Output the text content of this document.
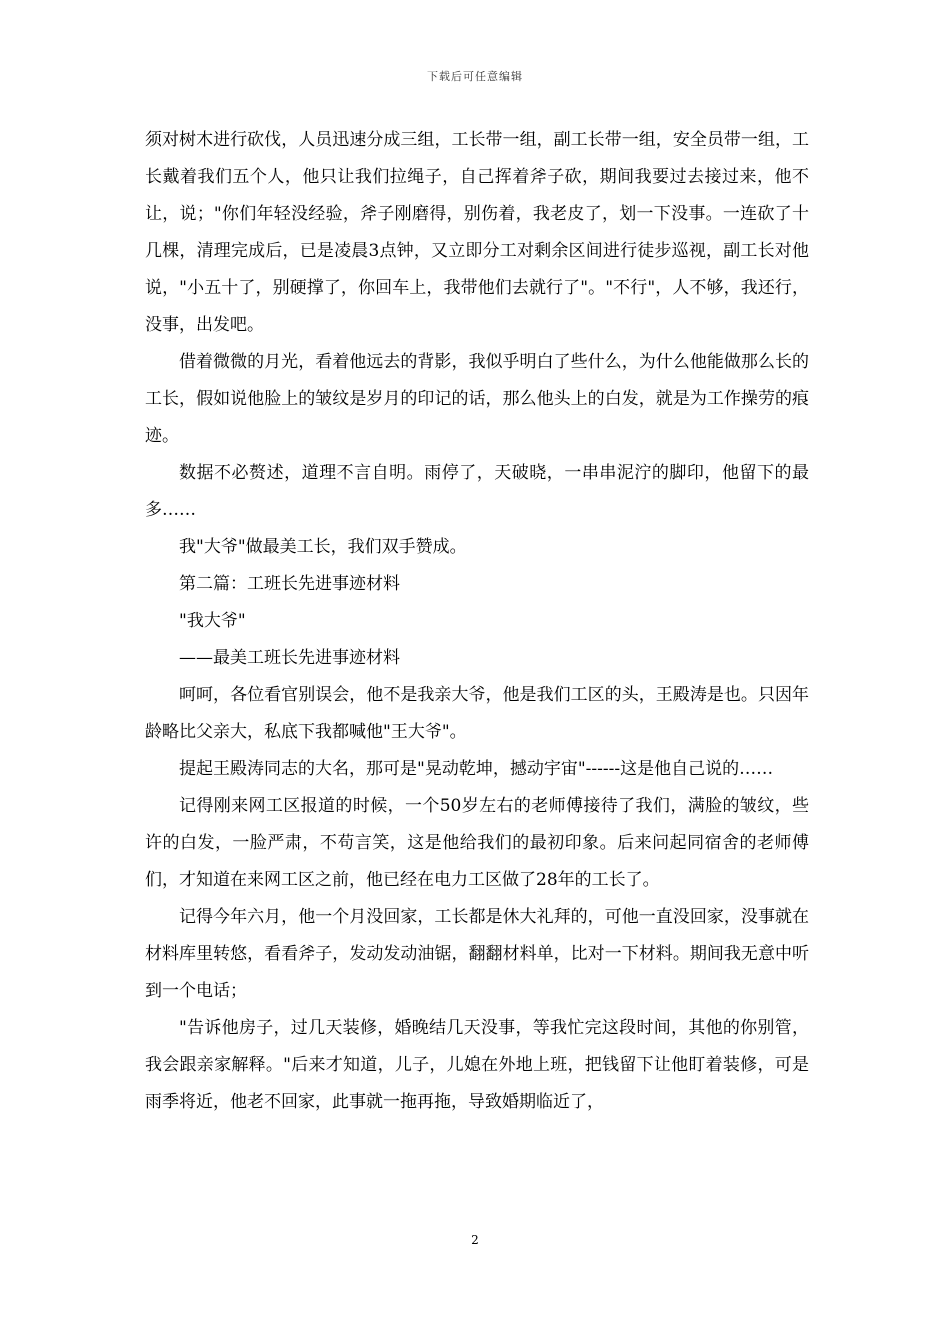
下载后可任意编辑

须对树木进行砍伐，人员迅速分成三组，工长带一组，副工长带一组，安全员带一组，工长戴着我们五个人，他只让我们拉绳子，自己挥着斧子砍，期间我要过去接过来，他不让，说；"你们年轻没经验，斧子刚磨得，别伤着，我老皮了，划一下没事。一连砍了十几棵，清理完成后，已是凌晨3点钟，又立即分工对剩余区间进行徒步巡视，副工长对他说，"小五十了，别硬撑了，你回车上，我带他们去就行了"。"不行"，人不够，我还行，没事，出发吧。

借着微微的月光，看着他远去的背影，我似乎明白了些什么，为什么他能做那么长的工长，假如说他脸上的皱纹是岁月的印记的话，那么他头上的白发，就是为工作操劳的痕迹。

数据不必赘述，道理不言自明。雨停了，天破晓，一串串泥泞的脚印，他留下的最多……

我"大爷"做最美工长，我们双手赞成。

第二篇：工班长先进事迹材料

"我大爷"

——最美工班长先进事迹材料

呵呵，各位看官别误会，他不是我亲大爷，他是我们工区的头，王殿涛是也。只因年龄略比父亲大，私底下我都喊他"王大爷"。

提起王殿涛同志的大名，那可是"晃动乾坤，撼动宇宙"------这是他自己说的……

记得刚来网工区报道的时候，一个50岁左右的老师傅接待了我们，满脸的皱纹，些许的白发，一脸严肃，不苟言笑，这是他给我们的最初印象。后来问起同宿舍的老师傅们，才知道在来网工区之前，他已经在电力工区做了28年的工长了。

记得今年六月，他一个月没回家，工长都是休大礼拜的，可他一直没回家，没事就在材料库里转悠，看看斧子，发动发动油锯，翻翻材料单，比对一下材料。期间我无意中听到一个电话；

"告诉他房子，过几天装修，婚晚结几天没事，等我忙完这段时间，其他的你别管，我会跟亲家解释。"后来才知道，儿子，儿媳在外地上班，把钱留下让他盯着装修，可是雨季将近，他老不回家，此事就一拖再拖，导致婚期临近了，

2
